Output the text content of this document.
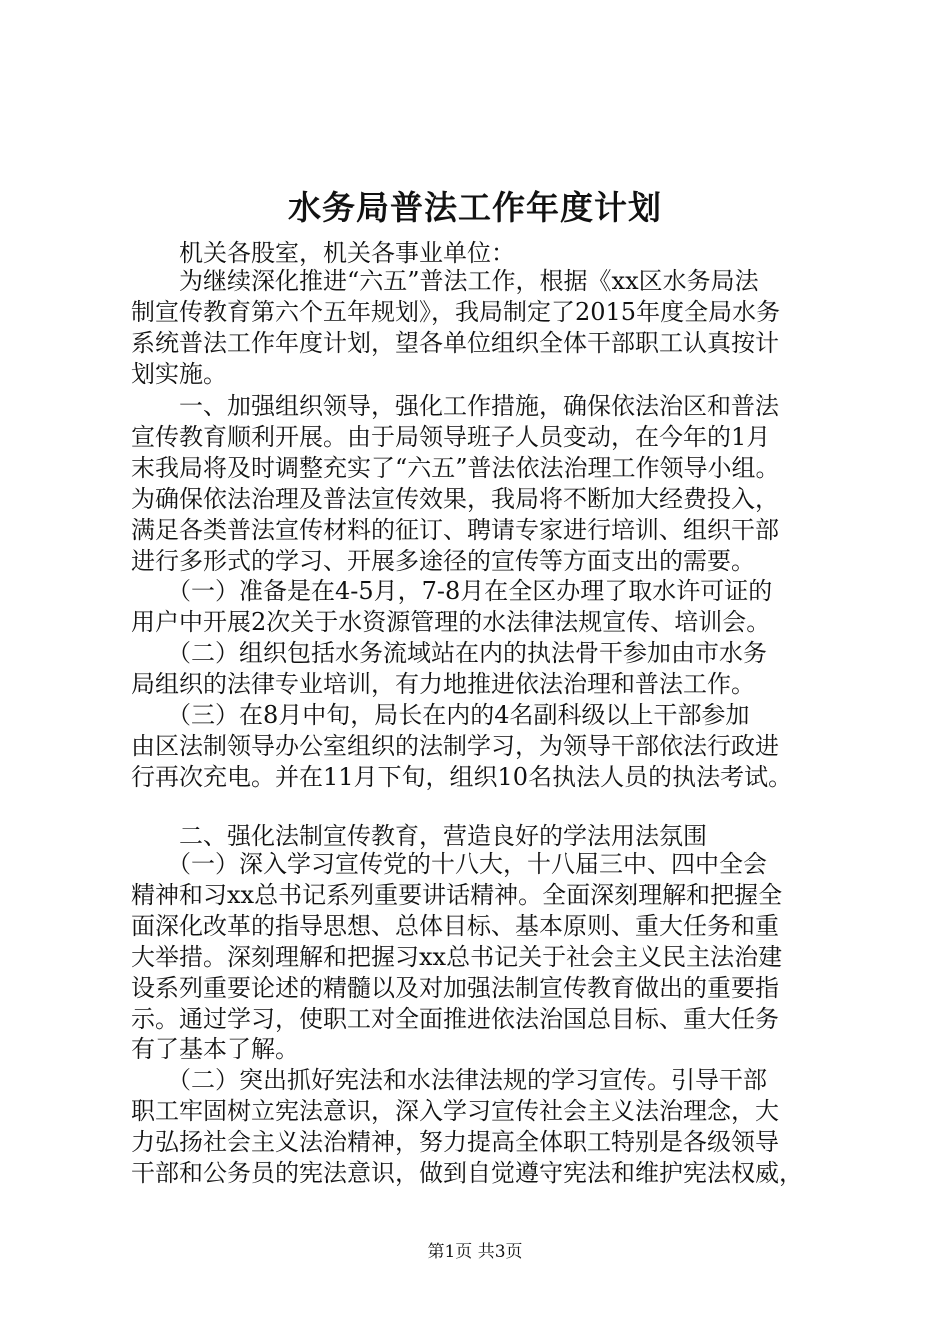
水务局普法工作年度计划
　　机关各股室，机关各事业单位：
　　为继续深化推进“六五”普法工作，根据《xx区水务局法
制宣传教育第六个五年规划》，我局制定了2015年度全局水务
系统普法工作年度计划，望各单位组织全体干部职工认真按计
划实施。
　　一、加强组织领导，强化工作措施，确保依法治区和普法
宣传教育顺利开展。由于局领导班子人员变动，在今年的1月
末我局将及时调整充实了“六五”普法依法治理工作领导小组。
为确保依法治理及普法宣传效果，我局将不断加大经费投入，
满足各类普法宣传材料的征订、聘请专家进行培训、组织干部
进行多形式的学习、开展多途径的宣传等方面支出的需要。
　　（一）准备是在4-5月，7-8月在全区办理了取水许可证的
用户中开展2次关于水资源管理的水法律法规宣传、培训会。
　　（二）组织包括水务流域站在内的执法骨干参加由市水务
局组织的法律专业培训，有力地推进依法治理和普法工作。
　　（三）在8月中旬，局长在内的4名副科级以上干部参加
由区法制领导办公室组织的法制学习，为领导干部依法行政进
行再次充电。并在11月下旬，组织10名执法人员的执法考试。
　　二、强化法制宣传教育，营造良好的学法用法氛围
　　（一）深入学习宣传党的十八大，十八届三中、四中全会
精神和习xx总书记系列重要讲话精神。全面深刻理解和把握全
面深化改革的指导思想、总体目标、基本原则、重大任务和重
大举措。深刻理解和把握习xx总书记关于社会主义民主法治建
设系列重要论述的精髓以及对加强法制宣传教育做出的重要指
示。通过学习，使职工对全面推进依法治国总目标、重大任务
有了基本了解。
　　（二）突出抓好宪法和水法律法规的学习宣传。引导干部
职工牢固树立宪法意识，深入学习宣传社会主义法治理念，大
力弘扬社会主义法治精神，努力提高全体职工特别是各级领导
干部和公务员的宪法意识，做到自觉遵守宪法和维护宪法权威，
第1页 共3页
